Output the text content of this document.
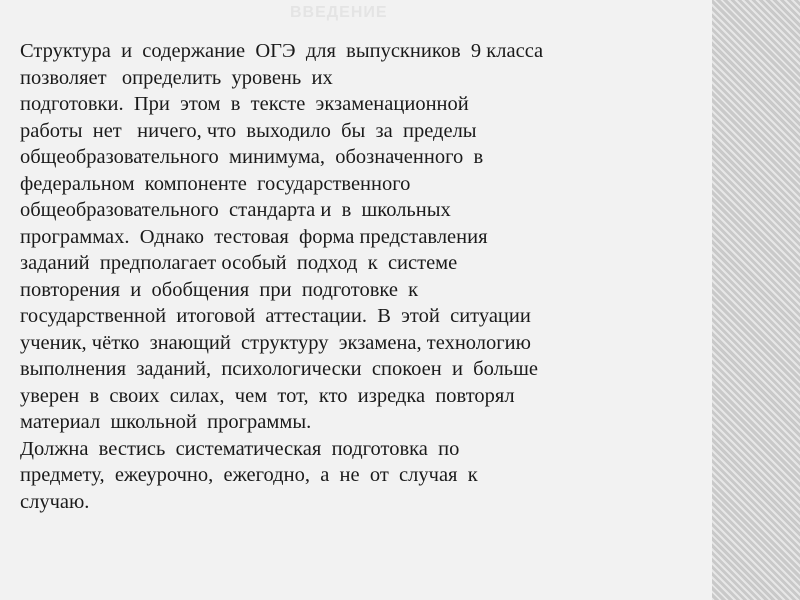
ВВЕДЕНИЕ
Структура  и  содержание  ОГЭ  для  выпускников  9 класса
позволяет   определить  уровень  их
подготовки.  При  этом  в  тексте  экзаменационной
работы  нет   ничего, что  выходило  бы  за  пределы
общеобразовательного  минимума,  обозначенного  в
федеральном  компоненте  государственного
общеобразовательного  стандарта и  в  школьных
программах.  Однако  тестовая  форма представления
заданий  предполагает особый  подход  к  системе
повторения  и  обобщения  при  подготовке  к
государственной  итоговой  аттестации.  В  этой  ситуации
ученик, чётко  знающий  структуру  экзамена, технологию
выполнения  заданий,  психологически  спокоен  и  больше
уверен  в  своих  силах,  чем  тот,  кто  изредка  повторял
материал  школьной  программы.
Должна  вестись  систематическая  подготовка  по
предмету,  ежеурочно,  ежегодно,  а  не  от  случая  к
случаю.
